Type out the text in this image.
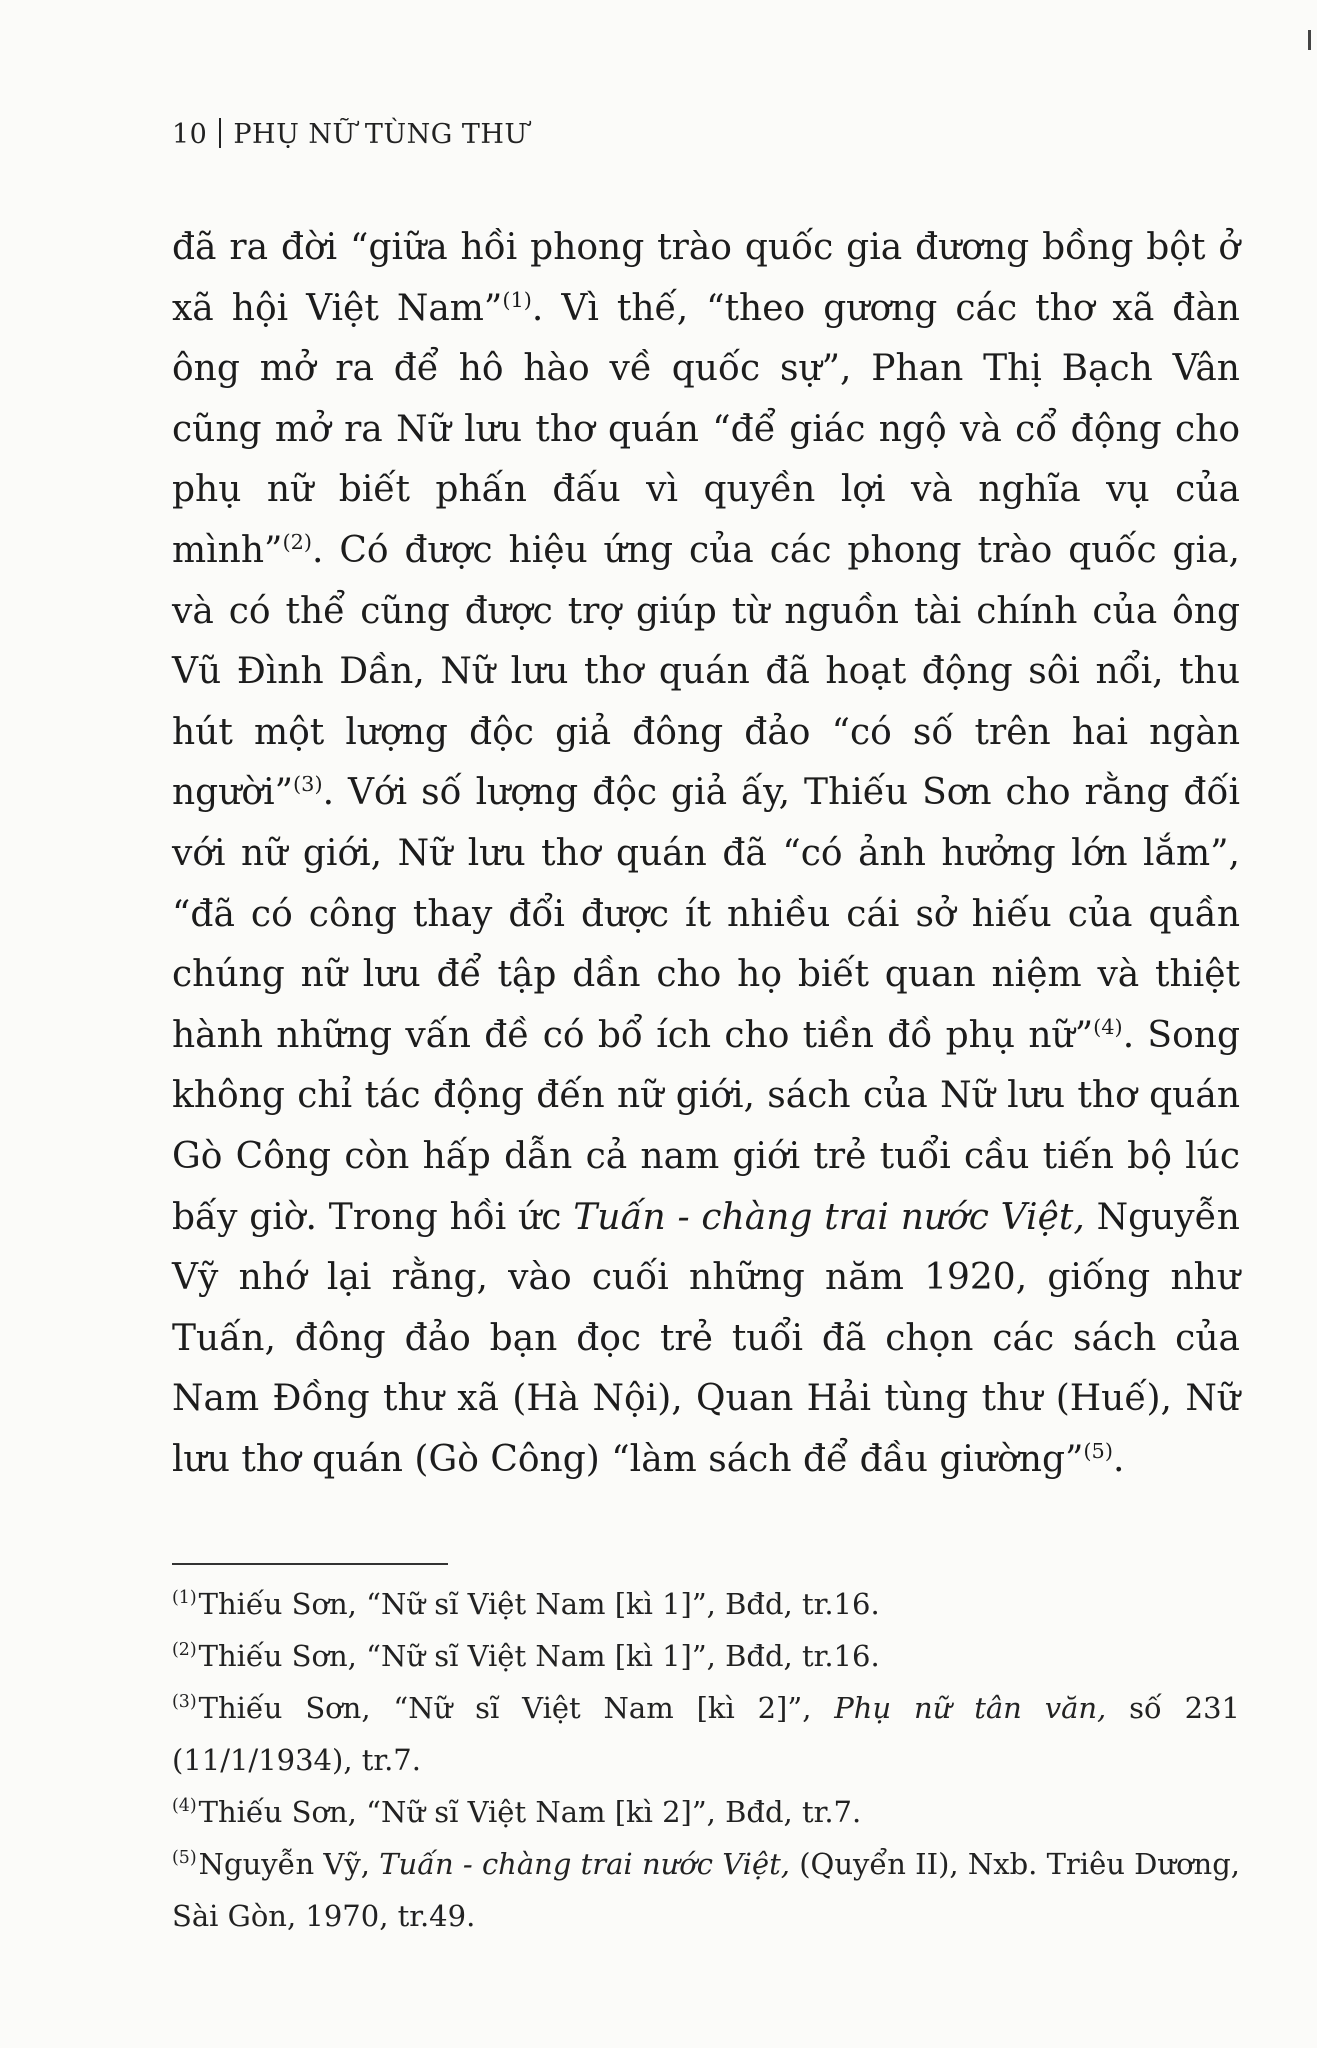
10 PHỤ NỮ TÙNG THƯ

đã ra đời “giữa hồi phong trào quốc gia đương bồng bột ở xã hội Việt Nam”$^{(1)}$. Vì thế, “theo gương các thơ xã đàn ông mở ra để hô hào về quốc sự”, Phan Thị Bạch Vân cũng mở ra Nữ lưu thơ quán “để giác ngộ và cổ động cho phụ nữ biết phấn đấu vì quyền lợi và nghĩa vụ của mình”$^{(2)}$. Có được hiệu ứng của các phong trào quốc gia, và có thể cũng được trợ giúp từ nguồn tài chính của ông Vũ Đình Dần, Nữ lưu thơ quán đã hoạt động sôi nổi, thu hút một lượng độc giả đông đảo “có số trên hai ngàn người”$^{(3)}$. Với số lượng độc giả ấy, Thiếu Sơn cho rằng đối với nữ giới, Nữ lưu thơ quán đã “có ảnh hưởng lớn lắm”, “đã có công thay đổi được ít nhiều cái sở hiếu của quần chúng nữ lưu để tập dần cho họ biết quan niệm và thiệt hành những vấn đề có bổ ích cho tiền đồ phụ nữ”$^{(4)}$. Song không chỉ tác động đến nữ giới, sách của Nữ lưu thơ quán Gò Công còn hấp dẫn cả nam giới trẻ tuổi cầu tiến bộ lúc bấy giờ. Trong hồi ức Tuấn - chàng trai nước Việt, Nguyễn Vỹ nhớ lại rằng, vào cuối những năm 1920, giống như Tuấn, đông đảo bạn đọc trẻ tuổi đã chọn các sách của Nam Đồng thư xã (Hà Nội), Quan Hải tùng thư (Huế), Nữ lưu thơ quán (Gò Công) “làm sách để đầu giường”$^{(5)}$.

$^{(1)}$Thiếu Sơn, “Nữ sĩ Việt Nam [kì 1]”, Bđd, tr.16.
$^{(2)}$Thiếu Sơn, “Nữ sĩ Việt Nam [kì 1]”, Bđd, tr.16.
$^{(3)}$Thiếu Sơn, “Nữ sĩ Việt Nam [kì 2]”, Phụ nữ tân văn, số 231 (11/1/1934), tr.7.
$^{(4)}$Thiếu Sơn, “Nữ sĩ Việt Nam [kì 2]”, Bđd, tr.7.
$^{(5)}$Nguyễn Vỹ, Tuấn - chàng trai nước Việt, (Quyển II), Nxb. Triêu Dương, Sài Gòn, 1970, tr.49.
